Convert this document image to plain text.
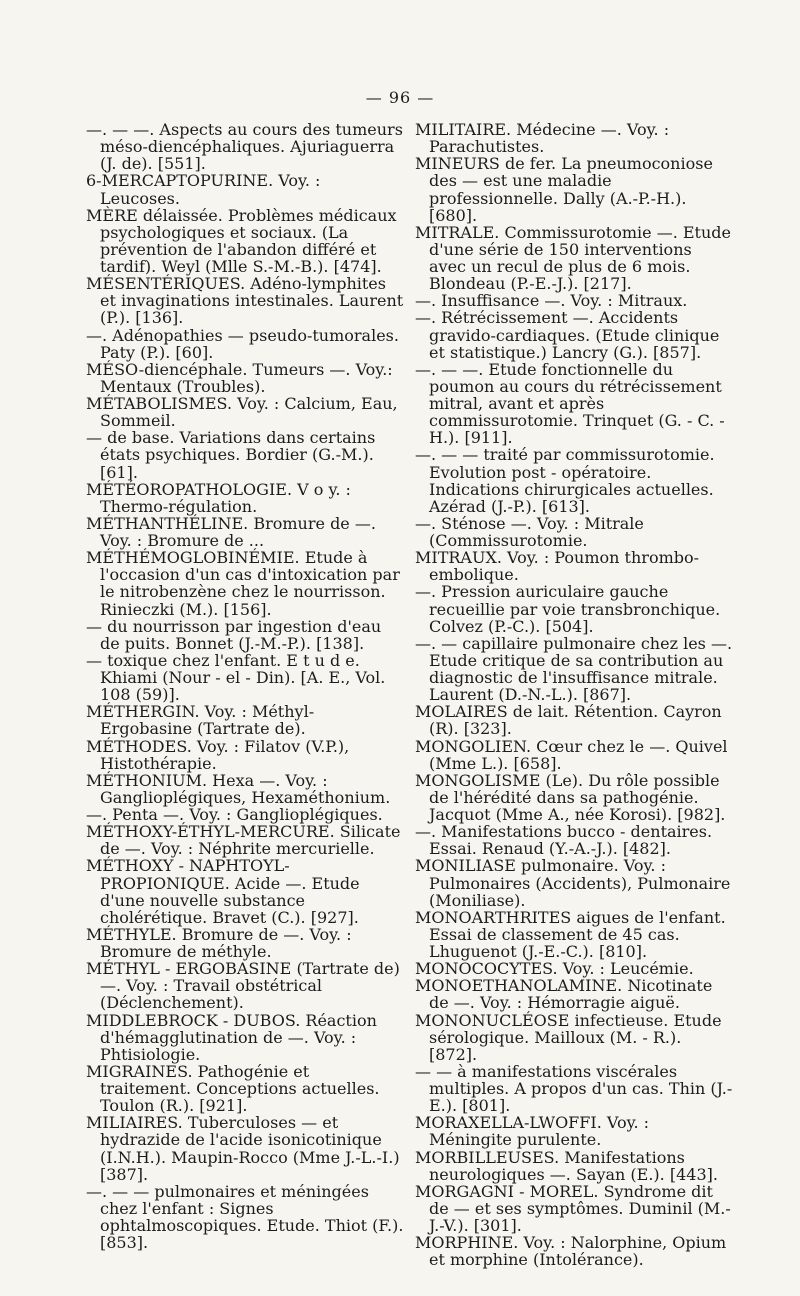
— 96 —

—. — —. Aspects au cours des tumeurs méso-diencéphaliques. Ajuriaguerra (J. de). [551].

6-MERCAPTOPURINE. Voy. : Leucoses.

MÈRE délaissée. Problèmes médicaux psychologiques et sociaux. (La prévention de l'abandon différé et tardif). Weyl (Mlle S.-M.-B.). [474].

MÉSENTÉRIQUES. Adéno-lymphites et invaginations intestinales. Laurent (P.). [136].

—. Adénopathies — pseudo-tumorales. Paty (P.). [60].

MÉSO-diencéphale. Tumeurs —. Voy.: Mentaux (Troubles).

MÉTABOLISMES. Voy. : Calcium, Eau, Sommeil.

— de base. Variations dans certains états psychiques. Bordier (G.-M.). [61].

MÉTÉOROPATHOLOGIE. V o y. : Thermo-régulation.

MÉTHANTHÉLINE. Bromure de —. Voy. : Bromure de ...

MÉTHÉMOGLOBINÉMIE. Etude à l'occasion d'un cas d'intoxication par le nitrobenzène chez le nourrisson. Rinieczki (M.). [156].

— du nourrisson par ingestion d'eau de puits. Bonnet (J.-M.-P.). [138].

— toxique chez l'enfant. E t u d e. Khiami (Nour - el - Din). [A. E., Vol. 108 (59)].

MÉTHERGIN. Voy. : Méthyl-Ergobasine (Tartrate de).

MÉTHODES. Voy. : Filatov (V.P.), Histothérapie.

MÉTHONIUM. Hexa —. Voy. : Ganglioplégiques, Hexaméthonium.

—. Penta —. Voy. : Ganglioplégiques.

MÉTHOXY-ÉTHYL-MERCURE. Silicate de —. Voy. : Néphrite mercurielle.

MÉTHOXY - NAPHTOYL-PROPIONIQUE. Acide —. Etude d'une nouvelle substance cholérétique. Bravet (C.). [927].

MÉTHYLE. Bromure de —. Voy. : Bromure de méthyle.

MÉTHYL - ERGOBASINE (Tartrate de) —. Voy. : Travail obstétrical (Déclenchement).

MIDDLEBROCK - DUBOS. Réaction d'hémagglutination de —. Voy. : Phtisiologie.

MIGRAINES. Pathogénie et traitement. Conceptions actuelles. Toulon (R.). [921].

MILIAIRES. Tuberculoses — et hydrazide de l'acide isonicotinique (I.N.H.). Maupin-Rocco (Mme J.-L.-I.) [387].

—. — — pulmonaires et méningées chez l'enfant : Signes ophtalmoscopiques. Etude. Thiot (F.). [853].

MILITAIRE. Médecine —. Voy. : Parachutistes.

MINEURS de fer. La pneumoconiose des — est une maladie professionnelle. Dally (A.-P.-H.). [680].

MITRALE. Commissurotomie —. Etude d'une série de 150 interventions avec un recul de plus de 6 mois. Blondeau (P.-E.-J.). [217].

—. Insuffisance —. Voy. : Mitraux.

—. Rétrécissement —. Accidents gravido-cardiaques. (Etude clinique et statistique.) Lancry (G.). [857].

—. — —. Etude fonctionnelle du poumon au cours du rétrécissement mitral, avant et après commissurotomie. Trinquet (G. - C. - H.). [911].

—. — — traité par commissurotomie. Evolution post - opératoire. Indications chirurgicales actuelles. Azérad (J.-P.). [613].

—. Sténose —. Voy. : Mitrale (Commissurotomie.

MITRAUX. Voy. : Poumon thrombo-embolique.

—. Pression auriculaire gauche recueillie par voie transbronchique. Colvez (P.-C.). [504].

—. — capillaire pulmonaire chez les —. Etude critique de sa contribution au diagnostic de l'insuffisance mitrale. Laurent (D.-N.-L.). [867].

MOLAIRES de lait. Rétention. Cayron (R). [323].

MONGOLIEN. Cœur chez le —. Quivel (Mme L.). [658].

MONGOLISME (Le). Du rôle possible de l'hérédité dans sa pathogénie. Jacquot (Mme A., née Korosi). [982].

—. Manifestations bucco - dentaires. Essai. Renaud (Y.-A.-J.). [482].

MONILIASE pulmonaire. Voy. : Pulmonaires (Accidents), Pulmonaire (Moniliase).

MONOARTHRITES aigues de l'enfant. Essai de classement de 45 cas. Lhuguenot (J.-E.-C.). [810].

MONOCOCYTES. Voy. : Leucémie.

MONOETHANOLAMINE. Nicotinate de —. Voy. : Hémorragie aiguë.

MONONUCLÉOSE infectieuse. Etude sérologique. Mailloux (M. - R.). [872].

— — à manifestations viscérales multiples. A propos d'un cas. Thin (J.-E.). [801].

MORAXELLA-LWOFFI. Voy. : Méningite purulente.

MORBILLEUSES. Manifestations neurologiques —. Sayan (E.). [443].

MORGAGNI - MOREL. Syndrome dit de — et ses symptômes. Duminil (M.-J.-V.). [301].

MORPHINE. Voy. : Nalorphine, Opium et morphine (Intolérance).
